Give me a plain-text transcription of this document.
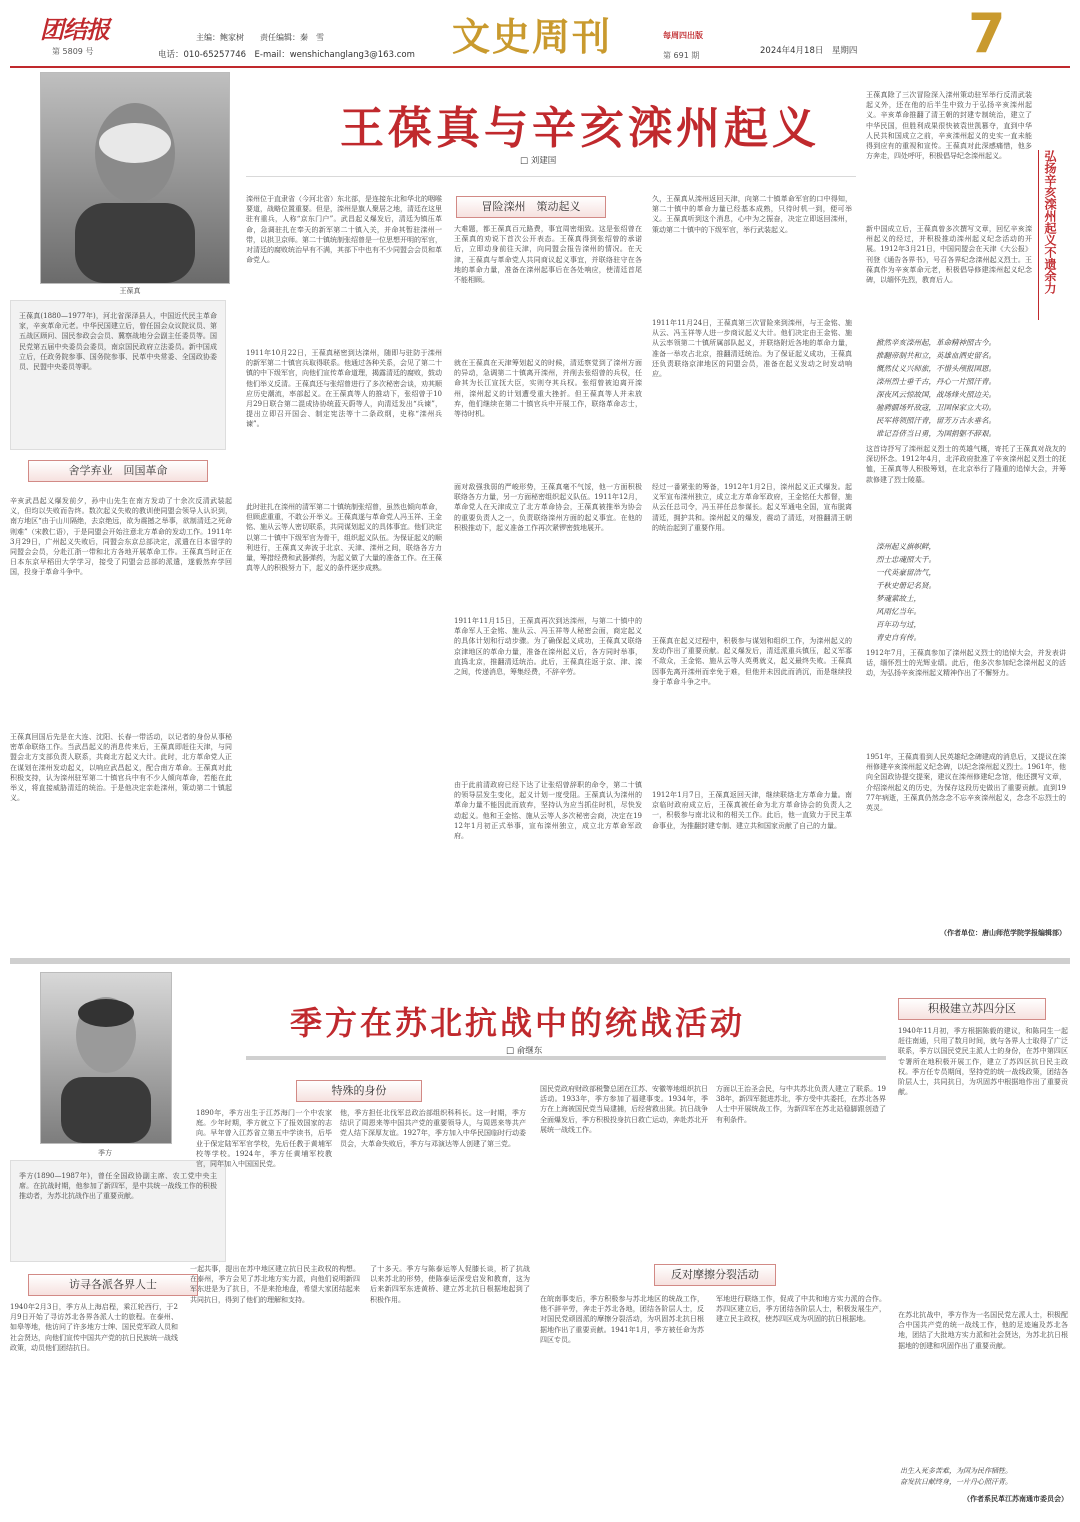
团结报
第 5809 号
主编：鲍家树　　责任编辑：秦　雪
电话：010-65257746　E-mail：wenshichanglang3@163.com 文史周刊	每周四出版
第 691 期	2024年4月18日　星期四 7
王葆真
王葆真(1880—1977年)，河北省深泽县人，中国近代民主革命家，辛亥革命元老。中华民国建立后，曾任国会众议院议员、第五战区顾问、国民参政会会员、冀察战地分会副主任委员等。国民党第五届中央委员会委员，南京国民政府立法委员。新中国成立后，任政务院参事、国务院参事、民革中央常委、全国政协委员、民盟中央委员等职。
王葆真与辛亥滦州起义
□ 刘建国	弘扬辛亥滦州起义不遗余力
舍学弃业　回国革命
冒险滦州　策动起义
辛亥武昌起义爆发前夕，孙中山先生在南方发动了十余次反清武装起义，但均以失败而告终。数次起义失败的教训使同盟会领导人认识到，南方地区“由于山川隔绝，去京绝远，欲为震撼之举事，欲制清廷之死命则难”（宋教仁语），于是同盟会开始注意北方革命的发动工作。1911年3月29日，广州起义失败后，同盟会东京总部决定，派遣在日本留学的同盟会会员，分赴江浙一带和北方各地开展革命工作。王葆真当时正在日本东京早稻田大学学习，接受了同盟会总部的派遣，遂毅然弃学回国，投身于革命斗争中。
王葆真回国后先是在大连、沈阳、长春一带活动，以记者的身份从事秘密革命联络工作。当武昌起义的消息传来后，王葆真即赶往天津，与同盟会北方支部负责人联系，共商北方起义大计。此时，北方革命党人正在谋划在滦州发动起义，以响应武昌起义，配合南方革命。王葆真对此积极支持，认为滦州驻军第二十镇官兵中有不少人倾向革命，若能在此举义，将直接威胁清廷的统治。于是他决定亲赴滦州，策动第二十镇起义。
滦州位于直隶省（今河北省）东北部，是连接东北和华北的咽喉要道，战略位置重要。但是，滦州是旗人聚居之地，清廷在这里驻有重兵，人称“京东门户”。武昌起义爆发后，清廷为镇压革命，急调驻扎在奉天的新军第二十镇入关，并命其暂驻滦州一带，以拱卫京师。第二十镇统制张绍曾是一位思想开明的军官，对清廷的腐败统治早有不满，其部下中也有不少同盟会会员和革命党人。
1911年10月22日，王葆真秘密到达滦州，随即与驻防于滦州的新军第二十镇官兵取得联系。他通过各种关系，会见了第二十镇的中下级军官，向他们宣传革命道理，揭露清廷的腐败，鼓动他们举义反清。王葆真还与张绍曾进行了多次秘密会谈，劝其顺应历史潮流，率部起义。在王葆真等人的推动下，张绍曾于10月29日联合第二混成协协统蓝天蔚等人，向清廷发出“兵谏”，提出立即召开国会、制定宪法等十二条政纲，史称“滦州兵谏”。
此时驻扎在滦州的清军第二十镇统制张绍曾，虽然也倾向革命，但顾虑重重，不敢公开举义。王葆真遂与革命党人冯玉祥、王金铭、施从云等人密切联系，共同谋划起义的具体事宜。他们决定以第二十镇中下级军官为骨干，组织起义队伍。为保证起义的顺利进行，王葆真又奔波于北京、天津、滦州之间，联络各方力量，筹措经费和武器弹药，为起义做了大量的准备工作。在王葆真等人的积极努力下，起义的条件逐步成熟。
大难题，都王葆真百元路费，事宜周密细致。这是张绍曾在王葆真的劝说下首次公开表态。王葆真得到张绍曾的承诺后，立即动身前往天津，向同盟会报告滦州的情况。在天津，王葆真与革命党人共同商议起义事宜，并联络驻守在各地的革命力量，准备在滦州起事后在各处响应，使清廷首尾不能相顾。
就在王葆真在天津筹划起义的时候，清廷察觉到了滦州方面的异动，急调第二十镇离开滦州，并削去张绍曾的兵权，任命其为长江宣抚大臣，实则夺其兵权。张绍曾被迫离开滦州，滦州起义的计划遭受重大挫折。但王葆真等人并未放弃，他们继续在第二十镇官兵中开展工作，联络革命志士，等待时机。
面对敌强我弱的严峻形势，王葆真毫不气馁，他一方面积极联络各方力量，另一方面秘密组织起义队伍。1911年12月，革命党人在天津成立了北方革命协会，王葆真被推举为协会的重要负责人之一，负责联络滦州方面的起义事宜。在他的积极推动下，起义准备工作再次紧锣密鼓地展开。
1911年11月15日，王葆真再次到达滦州，与第二十镇中的革命军人王金铭、施从云、冯玉祥等人秘密会面，商定起义的具体计划和行动步骤。为了确保起义成功，王葆真又联络京津地区的革命力量，准备在滦州起义后，各方同时举事，直捣北京，推翻清廷统治。此后，王葆真往返于京、津、滦之间，传递消息，筹集经费，不辞辛劳。
由于此前清政府已经下达了让张绍曾辞职的命令，第二十镇的领导层发生变化，起义计划一度受阻。王葆真认为滦州的革命力量不能因此而放弃，坚持认为应当抓住时机，尽快发动起义。他和王金铭、施从云等人多次秘密会商，决定在1912年1月初正式举事，宣布滦州独立，成立北方革命军政府。
久，王葆真从滦州返回天津，向第二十镇革命军官的口中得知，第二十镇中的革命力量已经基本成熟，只待时机一到，便可举义。王葆真听到这个消息，心中为之振奋，决定立即返回滦州，策动第二十镇中的下级军官，举行武装起义。
1911年11月24日，王葆真第三次冒险来到滦州，与王金铭、施从云、冯玉祥等人进一步商议起义大计。他们决定由王金铭、施从云率领第二十镇所属部队起义，并联络附近各地的革命力量，准备一举攻占北京，推翻清廷统治。为了保证起义成功，王葆真还负责联络京津地区的同盟会员，准备在起义发动之时发动响应。
经过一番紧张的筹备，1912年1月2日，滦州起义正式爆发。起义军宣布滦州独立，成立北方革命军政府，王金铭任大都督，施从云任总司令，冯玉祥任总参谋长。起义军通电全国，宣布脱离清廷，拥护共和。滦州起义的爆发，震动了清廷，对推翻清王朝的统治起到了重要作用。
王葆真在起义过程中，积极参与谋划和组织工作，为滦州起义的发动作出了重要贡献。起义爆发后，清廷派重兵镇压，起义军寡不敌众，王金铭、施从云等人英勇就义，起义最终失败。王葆真因事先离开滦州而幸免于难，但他并未因此而消沉，而是继续投身于革命斗争之中。
1912年1月7日，王葆真返回天津，继续联络北方革命力量。南京临时政府成立后，王葆真被任命为北方革命协会的负责人之一，积极参与南北议和的相关工作。此后，他一直致力于民主革命事业，为推翻封建专制、建立共和国家贡献了自己的力量。
王葆真除了三次冒险深入滦州策动驻军举行反清武装起义外，还在他的后半生中致力于弘扬辛亥滦州起义。辛亥革命推翻了清王朝的封建专制统治，建立了中华民国，但胜利成果很快被袁世凯篡夺，直到中华人民共和国成立之前，辛亥滦州起义的史实一直未能得到应有的重视和宣传。王葆真对此深感痛惜，他多方奔走，四处呼吁，积极倡导纪念滦州起义。
新中国成立后，王葆真曾多次撰写文章，回忆辛亥滦州起义的经过，并积极推动滦州起义纪念活动的开展。1912年3月21日，中国同盟会在天津《大公报》刊登《通告各界书》，号召各界纪念滦州起义烈士。王葆真作为辛亥革命元老，积极倡导修建滦州起义纪念碑，以缅怀先烈，教育后人。
掀然辛亥滦州起，革命精神照古今。
推翻帝制共和立，英雄血洒史留名。
慨然仗义兴师旅，不惜头颅报国恩。
滦州烈士垂千古，丹心一片照汗青。
深夜风云惊故国，战场烽火照边关。
驰骋疆场歼敌寇，卫国保家立大功。
民军将领照汗青，留芳万古永垂名。
谁记吾侪当日勇，为国捐躯不辞艰。
这首诗抒写了滦州起义烈士的英雄气概，寄托了王葆真对战友的深切怀念。1912年4月，北洋政府批准了辛亥滦州起义烈士的抚恤，王葆真等人积极筹划，在北京举行了隆重的追悼大会，并筹款修建了烈士陵墓。
滦州起义旗帜鲜，
烈士忠魂照大千。
一代英豪留浩气，
千秋史册记名贤。
梦魂萦故土，
风雨忆当年。
百年功与过，
青史自有传。
1912年7月，王葆真参加了滦州起义烈士的追悼大会，并发表讲话，缅怀烈士的光辉业绩。此后，他多次参加纪念滦州起义的活动，为弘扬辛亥滦州起义精神作出了不懈努力。
1951年，王葆真看到人民英雄纪念碑建成的消息后，又提议在滦州修建辛亥滦州起义纪念碑，以纪念滦州起义烈士。1961年，他向全国政协提交提案，建议在滦州修建纪念馆，他还撰写文章，介绍滦州起义的历史，为保存这段历史做出了重要贡献。直到1977年病逝，王葆真仍然念念不忘辛亥滦州起义，念念不忘烈士的英灵。
（作者单位：唐山师范学院学报编辑部）
季方
季方(1890—1987年)，曾任全国政协副主席、农工党中央主席。在抗战时期，他参加了新四军，是中共统一战线工作的积极推动者，为苏北抗战作出了重要贡献。
季方在苏北抗战中的统战活动
□ 俞继东
特殊的身份
访寻各派各界人士
反对摩擦分裂活动
积极建立苏四分区
1890年，季方出生于江苏海门一个中农家庭。少年时期，季方就立下了报效国家的志向。早年曾入江苏省立第五中学读书，后毕业于保定陆军军官学校，先后任教于黄埔军校等学校。1924年，季方任黄埔军校教官，同年加入中国国民党。
他，季方担任北伐军总政治部组织科科长。这一时期，季方结识了周恩来等中国共产党的重要领导人，与周恩来等共产党人结下深厚友谊。1927年，季方加入中华民国临时行动委员会，大革命失败后，季方与邓演达等人创建了第三党。
国民党政府财政部税警总团在江苏、安徽等地组织抗日活动。1933年，季方参加了福建事变。1934年，季方在上海被国民党当局逮捕，后经营救出狱。抗日战争全面爆发后，季方积极投身抗日救亡运动，奔赴苏北开展统一战线工作。
方面以王治圣会民，与中共苏北负责人建立了联系。1938年，新四军挺进苏北，季方受中共委托，在苏北各界人士中开展统战工作，为新四军在苏北站稳脚跟创造了有利条件。
1940年2月3日，季方从上海启程，乘江轮西行，于2月9日开始了寻访苏北各界各派人士的旅程。在泰州、如皋等地，他访问了许多地方士绅、国民党军政人员和社会贤达，向他们宣传中国共产党的抗日民族统一战线政策，动员他们团结抗日。
一起共事，提出在苏中地区建立抗日民主政权的构想。在泰州，季方会见了苏北地方实力派，向他们说明新四军东进是为了抗日，不是来抢地盘，希望大家团结起来共同抗日，得到了他们的理解和支持。
了十多天。季方与陈泰运等人促膝长谈，析了抗战以来苏北的形势，使陈泰运深受启发和教育，这为后来新四军东进黄桥、建立苏北抗日根据地起到了积极作用。	在皖南事变后，季方积极参与苏北地区的统战工作，他不辞辛劳，奔走于苏北各地，团结各阶层人士，反对国民党顽固派的摩擦分裂活动，为巩固苏北抗日根据地作出了重要贡献。1941年1月，季方被任命为苏四区专员。
军地进行联络工作，促成了中共和地方实力派的合作。苏四区建立后，季方团结各阶层人士，积极发展生产，建立民主政权，使苏四区成为巩固的抗日根据地。
1940年11月初，季方根据陈毅的建议，和陈同生一起赶往南通，只用了数月时间，就与各界人士取得了广泛联系，季方以国民党民主派人士的身份，在苏中第四区专署所在地积极开展工作，建立了苏四区抗日民主政权。季方任专员期间，坚持党的统一战线政策，团结各阶层人士，共同抗日，为巩固苏中根据地作出了重要贡献。
在苏北抗战中，季方作为一名国民党左派人士，积极配合中国共产党的统一战线工作，他的足迹遍及苏北各地，团结了大批地方实力派和社会贤达，为苏北抗日根据地的创建和巩固作出了重要贡献。
出生入死多苦难，为国为民作牺牲。
奋发抗日献终身，一片丹心照汗青。
（作者系民革江苏南通市委员会）
